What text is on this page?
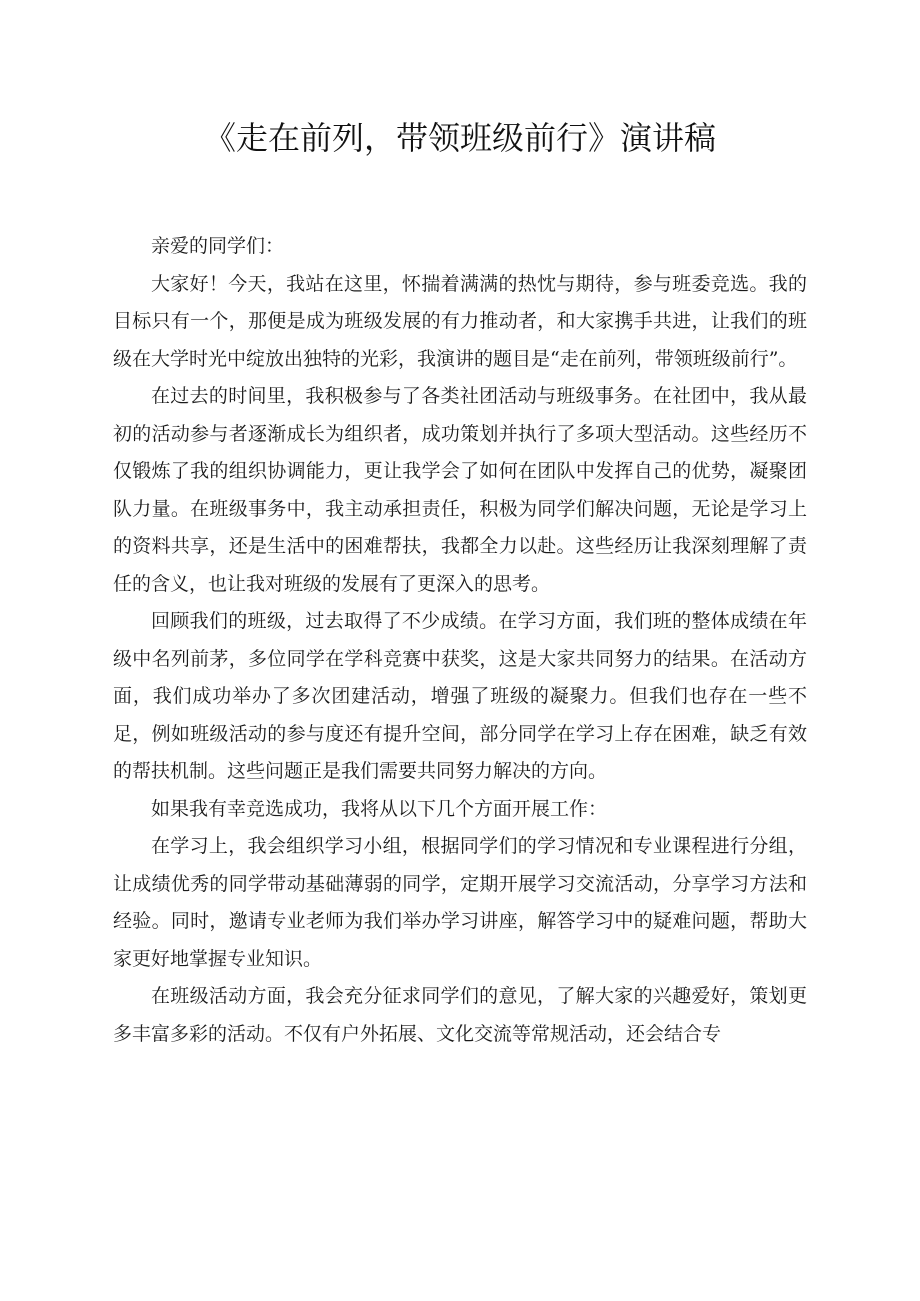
《走在前列，带领班级前行》演讲稿

亲爱的同学们：

大家好！今天，我站在这里，怀揣着满满的热忱与期待，参与班委竞选。我的目标只有一个，那便是成为班级发展的有力推动者，和大家携手共进，让我们的班级在大学时光中绽放出独特的光彩，我演讲的题目是“走在前列，带领班级前行”。

在过去的时间里，我积极参与了各类社团活动与班级事务。在社团中，我从最初的活动参与者逐渐成长为组织者，成功策划并执行了多项大型活动。这些经历不仅锻炼了我的组织协调能力，更让我学会了如何在团队中发挥自己的优势，凝聚团队力量。在班级事务中，我主动承担责任，积极为同学们解决问题，无论是学习上的资料共享，还是生活中的困难帮扶，我都全力以赴。这些经历让我深刻理解了责任的含义，也让我对班级的发展有了更深入的思考。

回顾我们的班级，过去取得了不少成绩。在学习方面，我们班的整体成绩在年级中名列前茅，多位同学在学科竞赛中获奖，这是大家共同努力的结果。在活动方面，我们成功举办了多次团建活动，增强了班级的凝聚力。但我们也存在一些不足，例如班级活动的参与度还有提升空间，部分同学在学习上存在困难，缺乏有效的帮扶机制。这些问题正是我们需要共同努力解决的方向。

如果我有幸竞选成功，我将从以下几个方面开展工作：

在学习上，我会组织学习小组，根据同学们的学习情况和专业课程进行分组，让成绩优秀的同学带动基础薄弱的同学，定期开展学习交流活动，分享学习方法和经验。同时，邀请专业老师为我们举办学习讲座，解答学习中的疑难问题，帮助大家更好地掌握专业知识。

在班级活动方面，我会充分征求同学们的意见，了解大家的兴趣爱好，策划更多丰富多彩的活动。不仅有户外拓展、文化交流等常规活动，还会结合专
